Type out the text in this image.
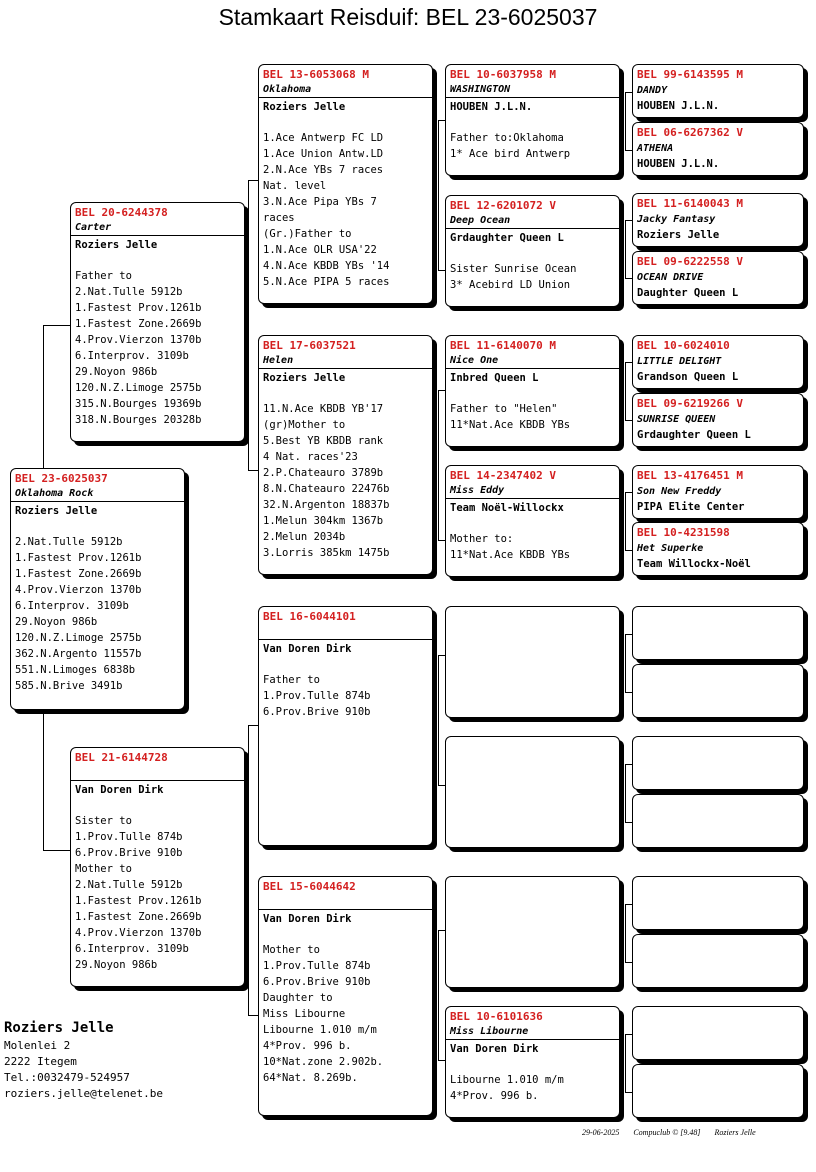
Stamkaart Reisduif: BEL 23-6025037
BEL 23-6025037
Oklahoma Rock
Roziers Jelle
2.Nat.Tulle 5912b
1.Fastest Prov.1261b
1.Fastest Zone.2669b
4.Prov.Vierzon 1370b
6.Interprov. 3109b
29.Noyon 986b
120.N.Z.Limoge 2575b
362.N.Argento 11557b
551.N.Limoges 6838b
585.N.Brive 3491b
BEL 20-6244378
Carter
Roziers Jelle
Father to
2.Nat.Tulle 5912b
1.Fastest Prov.1261b
1.Fastest Zone.2669b
4.Prov.Vierzon 1370b
6.Interprov. 3109b
29.Noyon 986b
120.N.Z.Limoge 2575b
315.N.Bourges 19369b
318.N.Bourges 20328b
BEL 21-6144728
Van Doren Dirk
Sister to
1.Prov.Tulle 874b
6.Prov.Brive 910b
Mother to
2.Nat.Tulle 5912b
1.Fastest Prov.1261b
1.Fastest Zone.2669b
4.Prov.Vierzon 1370b
6.Interprov. 3109b
29.Noyon 986b
BEL 13-6053068 M
Oklahoma
Roziers Jelle
1.Ace Antwerp FC LD
1.Ace Union Antw.LD
2.N.Ace YBs 7 races
Nat. level
3.N.Ace Pipa YBs 7
races
(Gr.)Father to
1.N.Ace OLR USA'22
4.N.Ace KBDB YBs '14
5.N.Ace PIPA 5 races
BEL 17-6037521
Helen
Roziers Jelle
11.N.Ace KBDB YB'17
(gr)Mother to
5.Best YB KBDB rank
4 Nat. races'23
2.P.Chateauro 3789b
8.N.Chateauro 22476b
32.N.Argenton 18837b
1.Melun 304km 1367b
2.Melun 2034b
3.Lorris 385km 1475b
BEL 16-6044101
Van Doren Dirk
Father to
1.Prov.Tulle 874b
6.Prov.Brive 910b
BEL 15-6044642
Van Doren Dirk
Mother to
1.Prov.Tulle 874b
6.Prov.Brive 910b
Daughter to
Miss Libourne
Libourne 1.010 m/m
4*Prov. 996 b.
10*Nat.zone 2.902b.
64*Nat. 8.269b.
BEL 10-6037958 M
WASHINGTON
HOUBEN J.L.N.
Father to:Oklahoma
1* Ace bird Antwerp
BEL 12-6201072 V
Deep Ocean
Grdaughter Queen L
Sister Sunrise Ocean
3* Acebird LD Union
BEL 11-6140070 M
Nice One
Inbred Queen L
Father to "Helen"
11*Nat.Ace KBDB YBs
BEL 14-2347402 V
Miss Eddy
Team Noël-Willockx
Mother to:
11*Nat.Ace KBDB YBs
BEL 10-6101636
Miss Libourne
Van Doren Dirk
Libourne 1.010 m/m
4*Prov. 996 b.
BEL 99-6143595 M
DANDY
HOUBEN J.L.N.
BEL 06-6267362 V
ATHENA
HOUBEN J.L.N.
BEL 11-6140043 M
Jacky Fantasy
Roziers Jelle
BEL 09-6222558 V
OCEAN DRIVE
Daughter Queen L
BEL 10-6024010
LITTLE DELIGHT
Grandson Queen L
BEL 09-6219266 V
SUNRISE QUEEN
Grdaughter Queen L
BEL 13-4176451 M
Son New Freddy
PIPA Elite Center
BEL 10-4231598
Het Superke
Team Willockx-Noël
Roziers Jelle
Molenlei 2
2222 Itegem
Tel.:0032479-524957
roziers.jelle@telenet.be
29-06-2025 Compuclub © [9.48] Roziers Jelle
